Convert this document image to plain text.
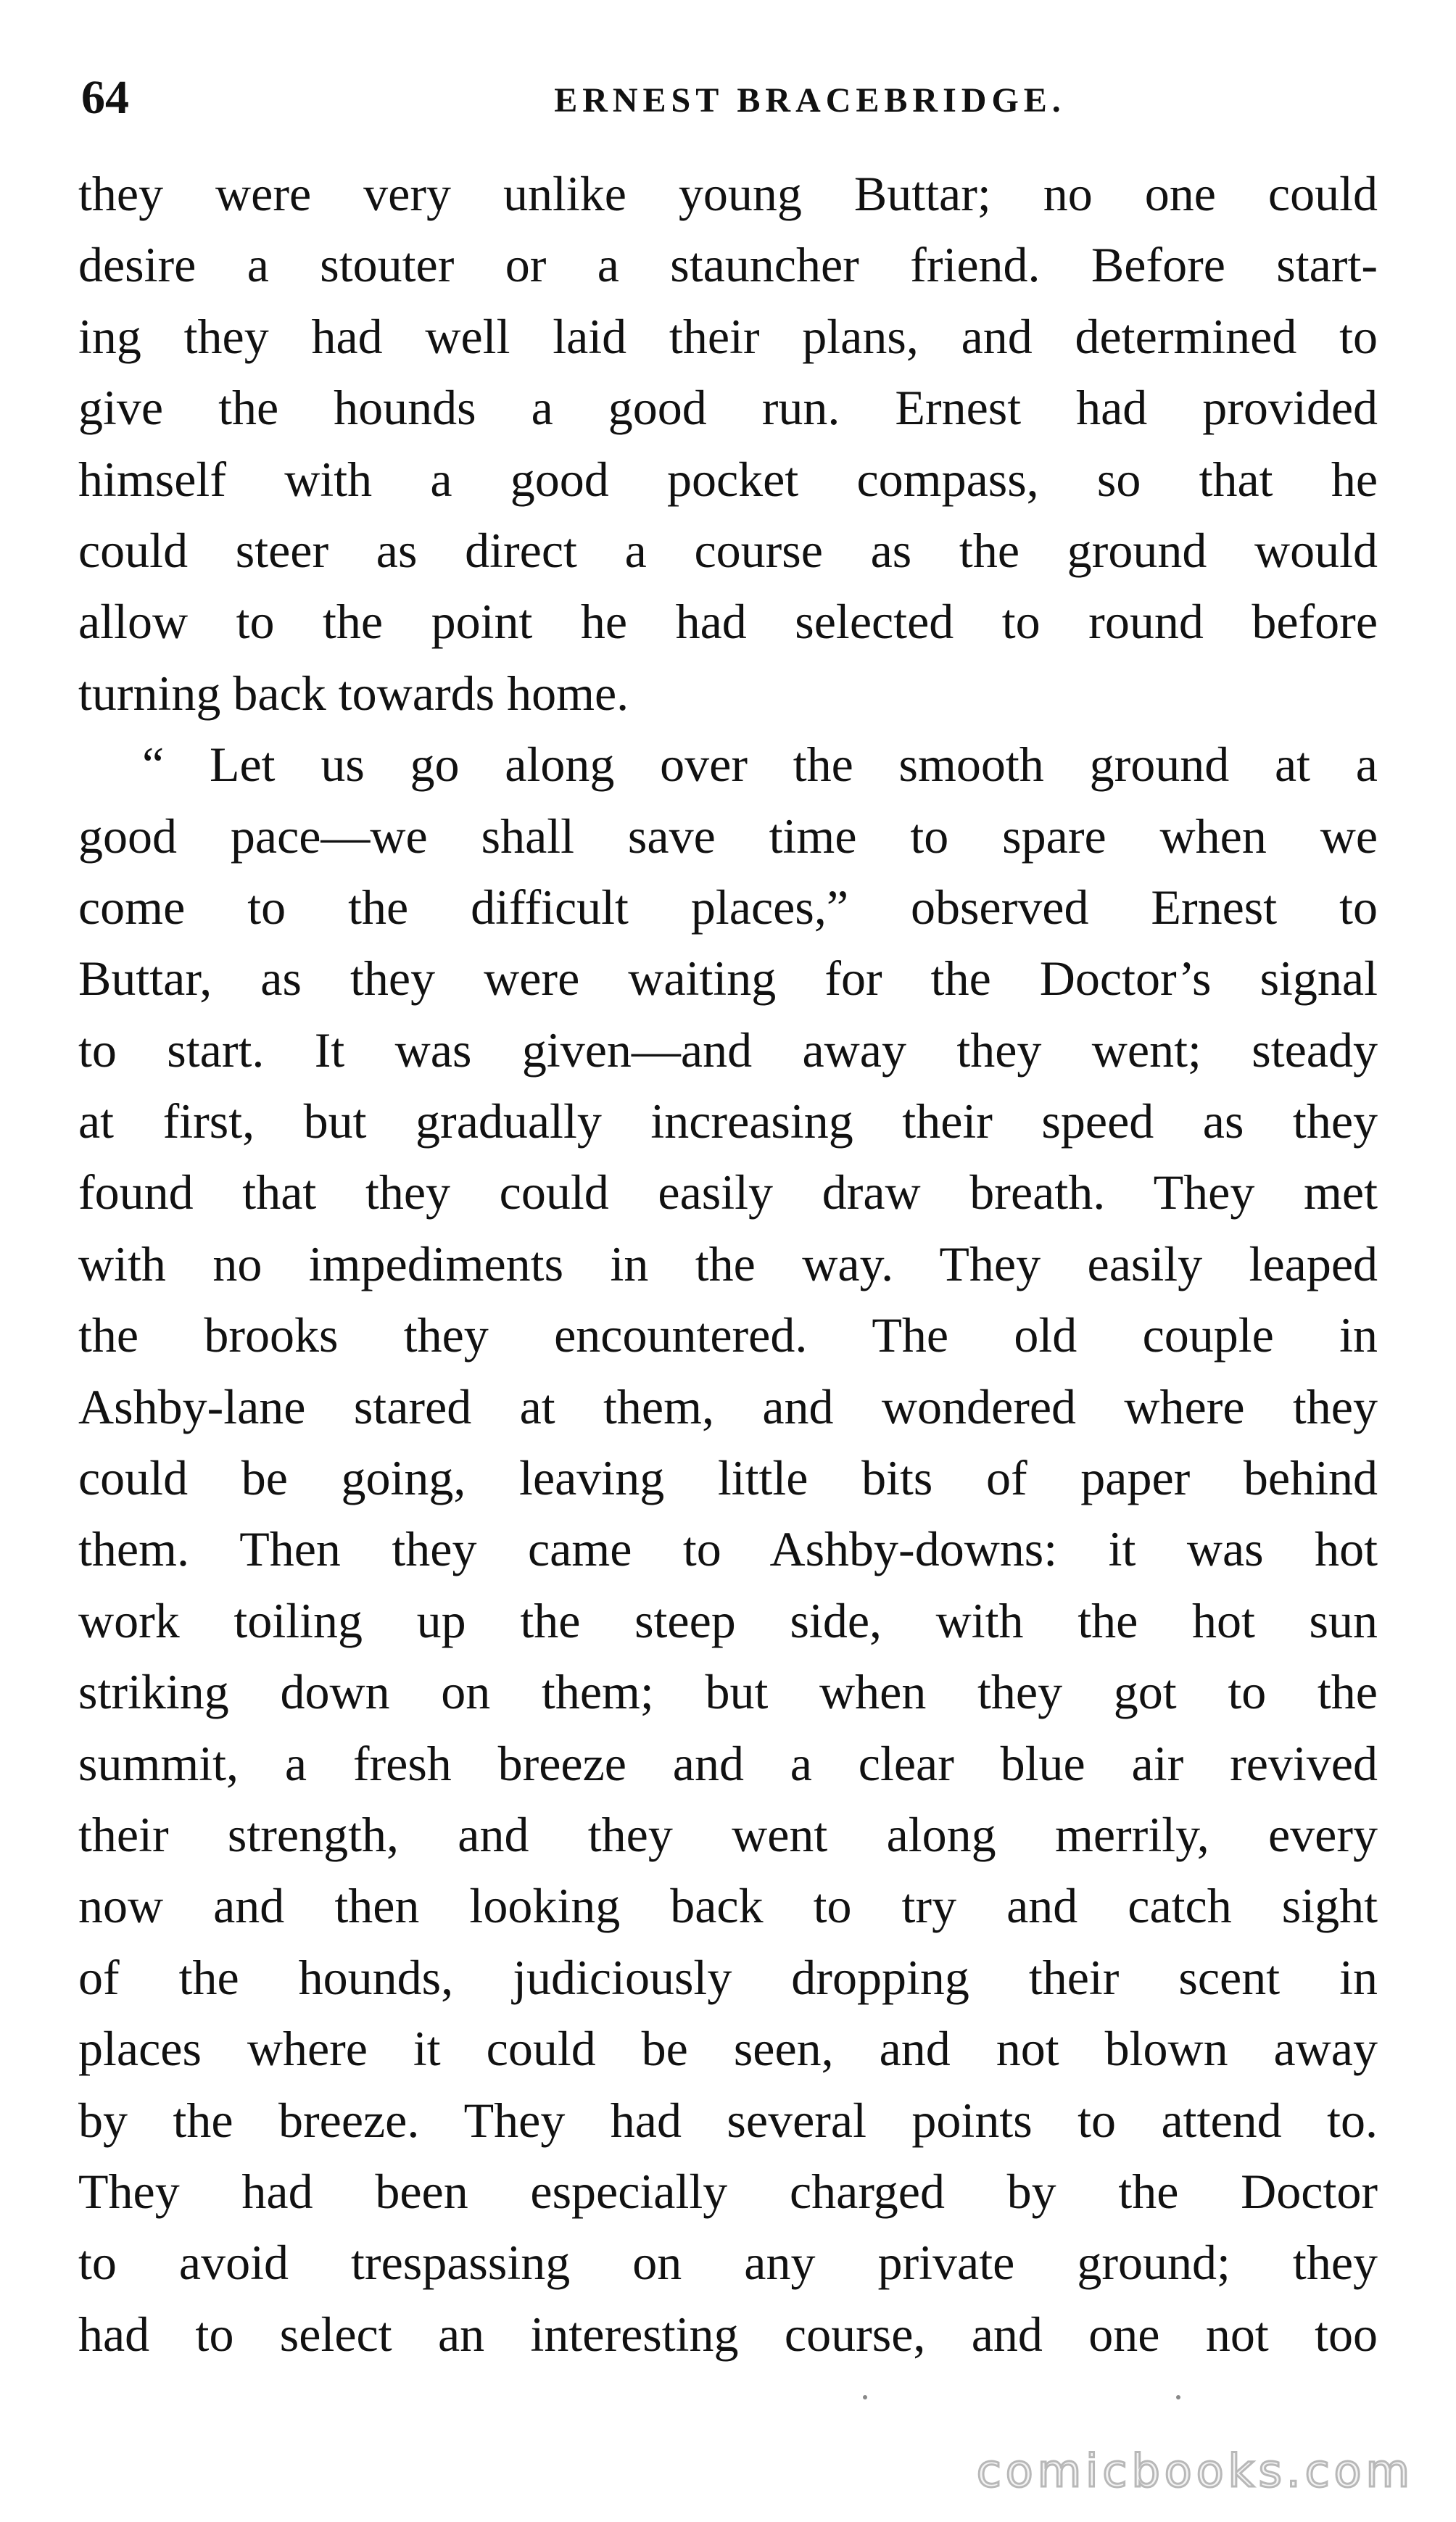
64	ERNEST BRACEBRIDGE.
they were very unlike young Buttar; no one could
desire a stouter or a stauncher friend. Before start-
ing they had well laid their plans, and determined to
give the hounds a good run. Ernest had provided
himself with a good pocket compass, so that he
could steer as direct a course as the ground would
allow to the point he had selected to round before
turning back towards home.
“ Let us go along over the smooth ground at a
good pace—we shall save time to spare when we
come to the difficult places,” observed Ernest to
Buttar, as they were waiting for the Doctor’s signal
to start. It was given—and away they went; steady
at first, but gradually increasing their speed as they
found that they could easily draw breath. They met
with no impediments in the way. They easily leaped
the brooks they encountered. The old couple in
Ashby-lane stared at them, and wondered where they
could be going, leaving little bits of paper behind
them. Then they came to Ashby-downs: it was hot
work toiling up the steep side, with the hot sun
striking down on them; but when they got to the
summit, a fresh breeze and a clear blue air revived
their strength, and they went along merrily, every
now and then looking back to try and catch sight
of the hounds, judiciously dropping their scent in
places where it could be seen, and not blown away
by the breeze. They had several points to attend to.
They had been especially charged by the Doctor
to avoid trespassing on any private ground; they
had to select an interesting course, and one not too
comicbooks.com
